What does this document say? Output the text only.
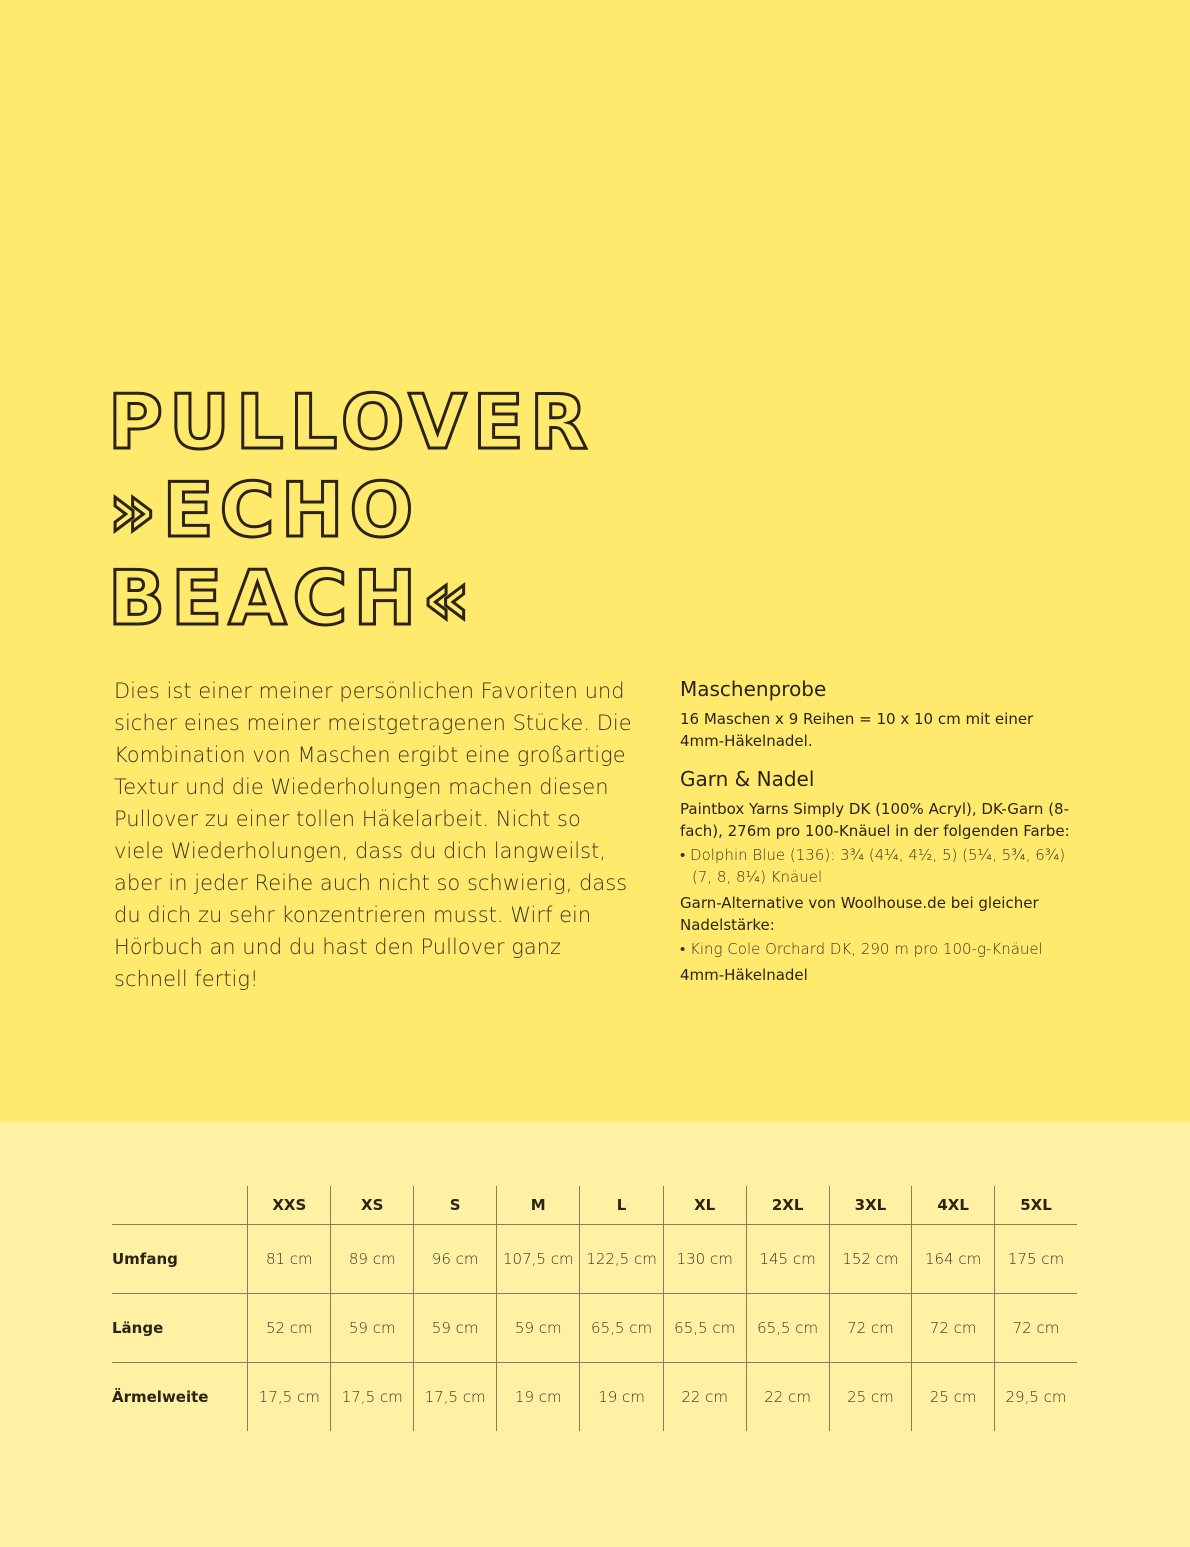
PULLOVER
»ECHO
BEACH«

Dies ist einer meiner persönlichen Favoriten und sicher eines meiner meistgetragenen Stücke. Die Kombination von Maschen ergibt eine großartige Textur und die Wiederholungen machen diesen Pullover zu einer tollen Häkelarbeit. Nicht so viele Wiederholungen, dass du dich langweilst, aber in jeder Reihe auch nicht so schwierig, dass du dich zu sehr konzentrieren musst. Wirf ein Hörbuch an und du hast den Pullover ganz schnell fertig!

Maschenprobe

16 Maschen x 9 Reihen = 10 x 10 cm mit einer 4mm-Häkelnadel.

Garn & Nadel

Paintbox Yarns Simply DK (100% Acryl), DK-Garn (8-fach), 276m pro 100-Knäuel in der folgenden Farbe:

• Dolphin Blue (136): 3¾ (4¼, 4½, 5) (5¼, 5¾, 6¾) (7, 8, 8¼) Knäuel

Garn-Alternative von Woolhouse.de bei gleicher Nadelstärke:

• King Cole Orchard DK, 290 m pro 100-g-Knäuel

4mm-Häkelnadel

	XXS	XS	S	M	L	XL	2XL	3XL	4XL	5XL
Umfang	81 cm	89 cm	96 cm	107,5 cm	122,5 cm	130 cm	145 cm	152 cm	164 cm	175 cm
Länge	52 cm	59 cm	59 cm	59 cm	65,5 cm	65,5 cm	65,5 cm	72 cm	72 cm	72 cm
Ärmelweite	17,5 cm	17,5 cm	17,5 cm	19 cm	19 cm	22 cm	22 cm	25 cm	25 cm	29,5 cm
